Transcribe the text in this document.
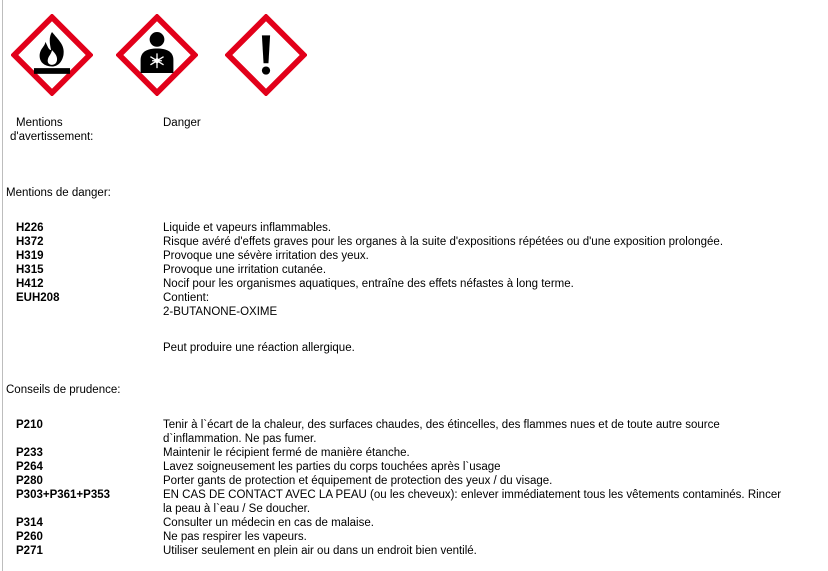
Mentions
d'avertissement:
Danger
Mentions de danger:
H226	Liquide et vapeurs inflammables.
H372	Risque avéré d'effets graves pour les organes à la suite d'expositions répétées ou d'une exposition prolongée.
H319	Provoque une sévère irritation des yeux.
H315	Provoque une irritation cutanée.
H412	Nocif pour les organismes aquatiques, entraîne des effets néfastes à long terme.
EUH208	Contient:
2-BUTANONE-OXIME
Peut produire une réaction allergique.
Conseils de prudence:
P210	Tenir à l`écart de la chaleur, des surfaces chaudes, des étincelles, des flammes nues et de toute autre source
d`inflammation. Ne pas fumer.
P233	Maintenir le récipient fermé de manière étanche.
P264	Lavez soigneusement les parties du corps touchées après l`usage
P280	Porter gants de protection et équipement de protection des yeux / du visage.
P303+P361+P353	EN CAS DE CONTACT AVEC LA PEAU (ou les cheveux): enlever immédiatement tous les vêtements contaminés. Rincer
la peau à l`eau / Se doucher.
P314	Consulter un médecin en cas de malaise.
P260	Ne pas respirer les vapeurs.
P271	Utiliser seulement en plein air ou dans un endroit bien ventilé.
